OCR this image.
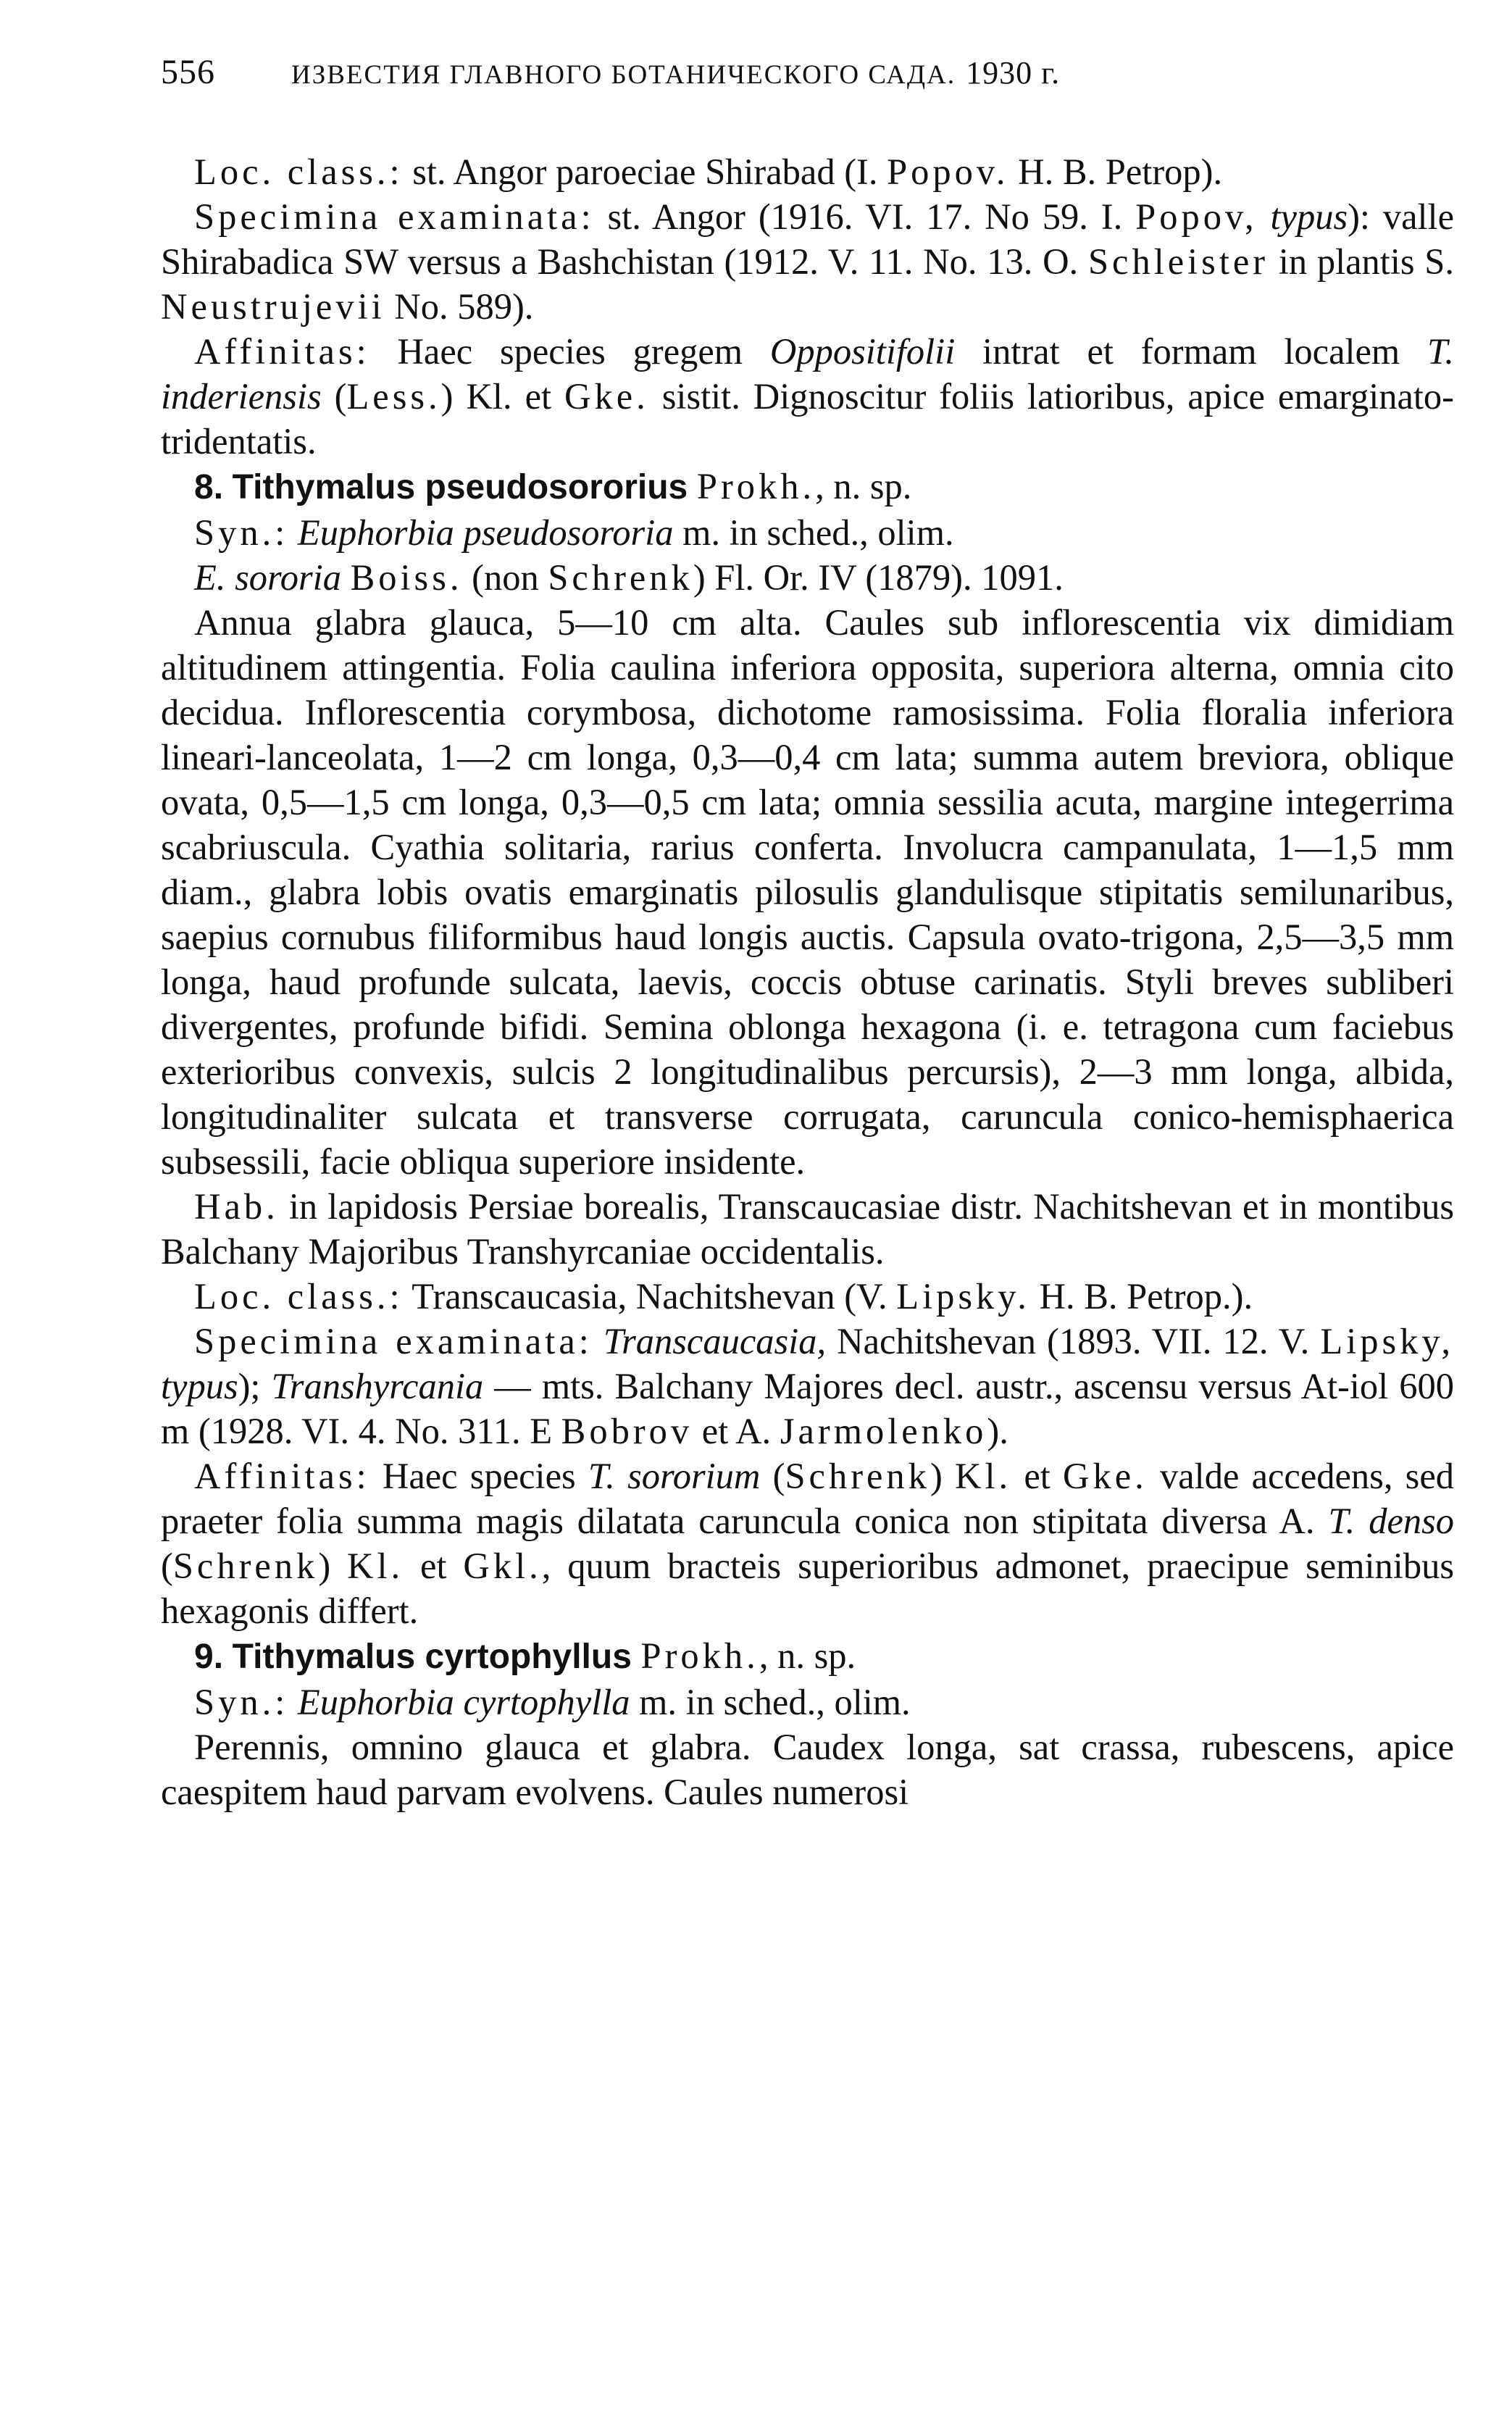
556	ИЗВЕСТИЯ ГЛАВНОГО БОТАНИЧЕСКОГО САДА. 1930 г.

Loc. class.: st. Angor paroeciae Shirabad (I. Popov. H. B. Petrop).

Specimina examinata: st. Angor (1916. VI. 17. No 59. I. Popov, typus): valle Shirabadica SW versus a Bashchistan (1912. V. 11. No. 13. O. Schleister in plantis S. Neustrujevii No. 589).

Affinitas: Haec species gregem Oppositifolii intrat et formam localem T. inderiensis (Less.) Kl. et Gke. sistit. Dignoscitur foliis latioribus, apice emarginato-tridentatis.

8. Tithymalus pseudosororius Prokh., n. sp.

Syn.: Euphorbia pseudosororia m. in sched., olim.

E. sororia Boiss. (non Schrenk) Fl. Or. IV (1879). 1091.

Annua glabra glauca, 5—10 cm alta. Caules sub inflorescentia vix dimidiam altitudinem attingentia. Folia caulina inferiora opposita, superiora alterna, omnia cito decidua. Inflorescentia corymbosa, dichotome ramosissima. Folia floralia inferiora lineari-lanceolata, 1—2 cm longa, 0,3—0,4 cm lata; summa autem breviora, oblique ovata, 0,5—1,5 cm longa, 0,3—0,5 cm lata; omnia sessilia acuta, margine integerrima scabriuscula. Cyathia solitaria, rarius conferta. Involucra campanulata, 1—1,5 mm diam., glabra lobis ovatis emarginatis pilosulis glandulisque stipitatis semilunaribus, saepius cornubus filiformibus haud longis auctis. Capsula ovato-trigona, 2,5—3,5 mm longa, haud profunde sulcata, laevis, coccis obtuse carinatis. Styli breves subliberi divergentes, profunde bifidi. Semina oblonga hexagona (i. e. tetragona cum faciebus exterioribus convexis, sulcis 2 longitudinalibus percursis), 2—3 mm longa, albida, longitudinaliter sulcata et transverse corrugata, caruncula conico-hemisphaerica subsessili, facie obliqua superiore insidente.

Hab. in lapidosis Persiae borealis, Transcaucasiae distr. Nachitshevan et in montibus Balchany Majoribus Transhyrcaniae occidentalis.

Loc. class.: Transcaucasia, Nachitshevan (V. Lipsky. H. B. Petrop.).

Specimina examinata: Transcaucasia, Nachitshevan (1893. VII. 12. V. Lipsky, typus); Transhyrcania — mts. Balchany Majores decl. austr., ascensu versus At-iol 600 m (1928. VI. 4. No. 311. E Bobrov et A. Jarmolenko).

Affinitas: Haec species T. sororium (Schrenk) Kl. et Gke. valde accedens, sed praeter folia summa magis dilatata caruncula conica non stipitata diversa A. T. denso (Schrenk) Kl. et Gkl., quum bracteis superioribus admonet, praecipue seminibus hexagonis differt.

9. Tithymalus cyrtophyllus Prokh., n. sp.

Syn.: Euphorbia cyrtophylla m. in sched., olim.

Perennis, omnino glauca et glabra. Caudex longa, sat crassa, rubescens, apice caespitem haud parvam evolvens. Caules numerosi
